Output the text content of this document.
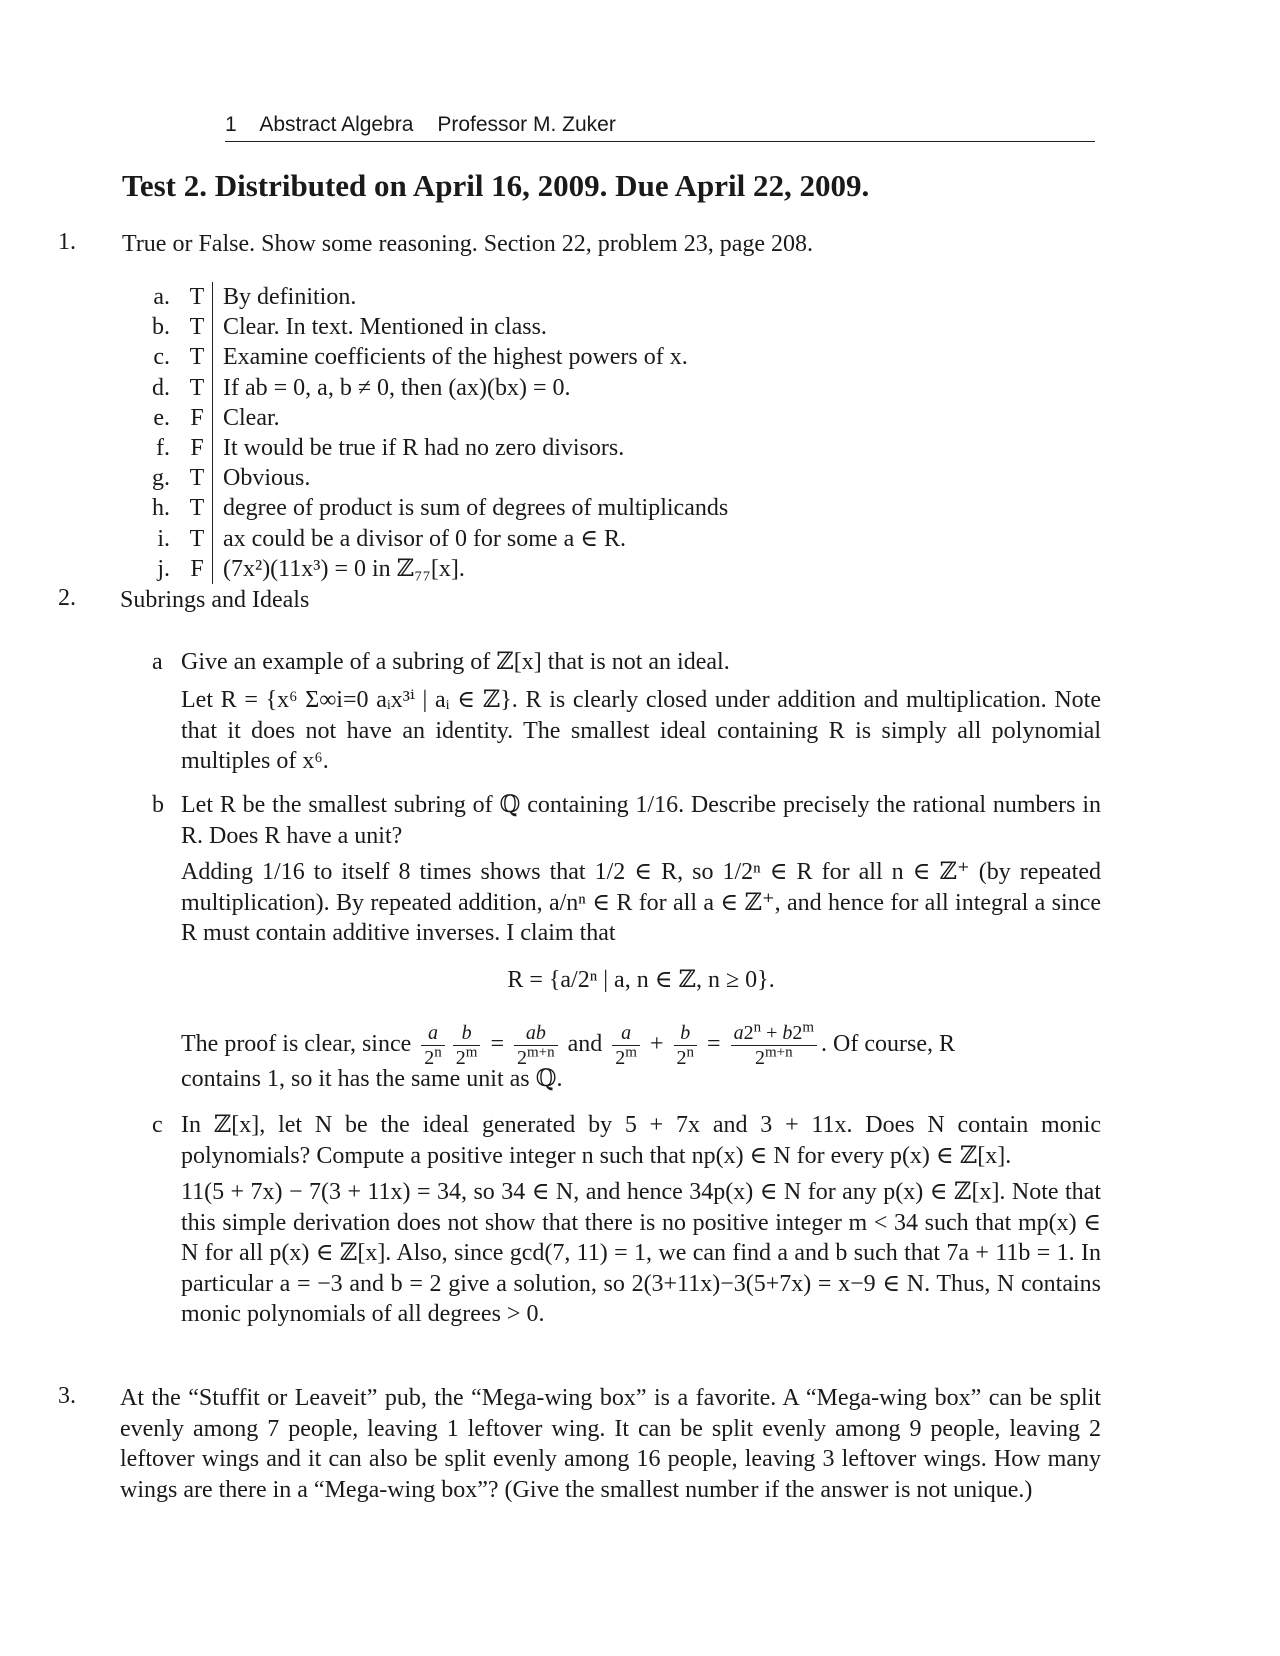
1 Abstract Algebra Professor M. Zuker
Test 2. Distributed on April 16, 2009. Due April 22, 2009.
1. True or False. Show some reasoning. Section 22, problem 23, page 208.
a.	T	By definition.
b.	T	Clear. In text. Mentioned in class.
c.	T	Examine coefficients of the highest powers of x.
d.	T	If ab = 0, a, b ≠ 0, then (ax)(bx) = 0.
e.	F	Clear.
f.	F	It would be true if R had no zero divisors.
g.	T	Obvious.
h.	T	degree of product is sum of degrees of multiplicands
i.	T	ax could be a divisor of 0 for some a ∈ R.
j.	F	(7x²)(11x³) = 0 in ℤ₇₇[x].
2. Subrings and Ideals
a Give an example of a subring of ℤ[x] that is not an ideal.
Let R = {x⁶ Σ∞i=0 aᵢx³ⁱ | aᵢ ∈ ℤ}. R is clearly closed under addition and multiplication. Note that it does not have an identity. The smallest ideal containing R is simply all polynomial multiples of x⁶.
b Let R be the smallest subring of ℚ containing 1/16. Describe precisely the rational numbers in R. Does R have a unit?
Adding 1/16 to itself 8 times shows that 1/2 ∈ R, so 1/2ⁿ ∈ R for all n ∈ ℤ⁺ (by repeated multiplication). By repeated addition, a/nⁿ ∈ R for all a ∈ ℤ⁺, and hence for all integral a since R must contain additive inverses. I claim that
R = {a/2ⁿ | a, n ∈ ℤ, n ≥ 0}.
The proof is clear, since $\frac{a}{2^n} \frac{b}{2^m} = \frac{ab}{2^{m+n}}$ and $\frac{a}{2^m} + \frac{b}{2^n} = \frac{a2^n + b2^m}{2^{m+n}}$ . Of course, R
contains 1, so it has the same unit as ℚ.
c In ℤ[x], let N be the ideal generated by 5 + 7x and 3 + 11x. Does N contain monic polynomials? Compute a positive integer n such that np(x) ∈ N for every p(x) ∈ ℤ[x].
11(5 + 7x) − 7(3 + 11x) = 34, so 34 ∈ N, and hence 34p(x) ∈ N for any p(x) ∈ ℤ[x]. Note that this simple derivation does not show that there is no positive integer m < 34 such that mp(x) ∈ N for all p(x) ∈ ℤ[x]. Also, since gcd(7, 11) = 1, we can find a and b such that 7a + 11b = 1. In particular a = −3 and b = 2 give a solution, so 2(3+11x)−3(5+7x) = x−9 ∈ N. Thus, N contains monic polynomials of all degrees > 0.
3. At the “Stuffit or Leaveit” pub, the “Mega-wing box” is a favorite. A “Mega-wing box” can be split evenly among 7 people, leaving 1 leftover wing. It can be split evenly among 9 people, leaving 2 leftover wings and it can also be split evenly among 16 people, leaving 3 leftover wings. How many wings are there in a “Mega-wing box”? (Give the smallest number if the answer is not unique.)
